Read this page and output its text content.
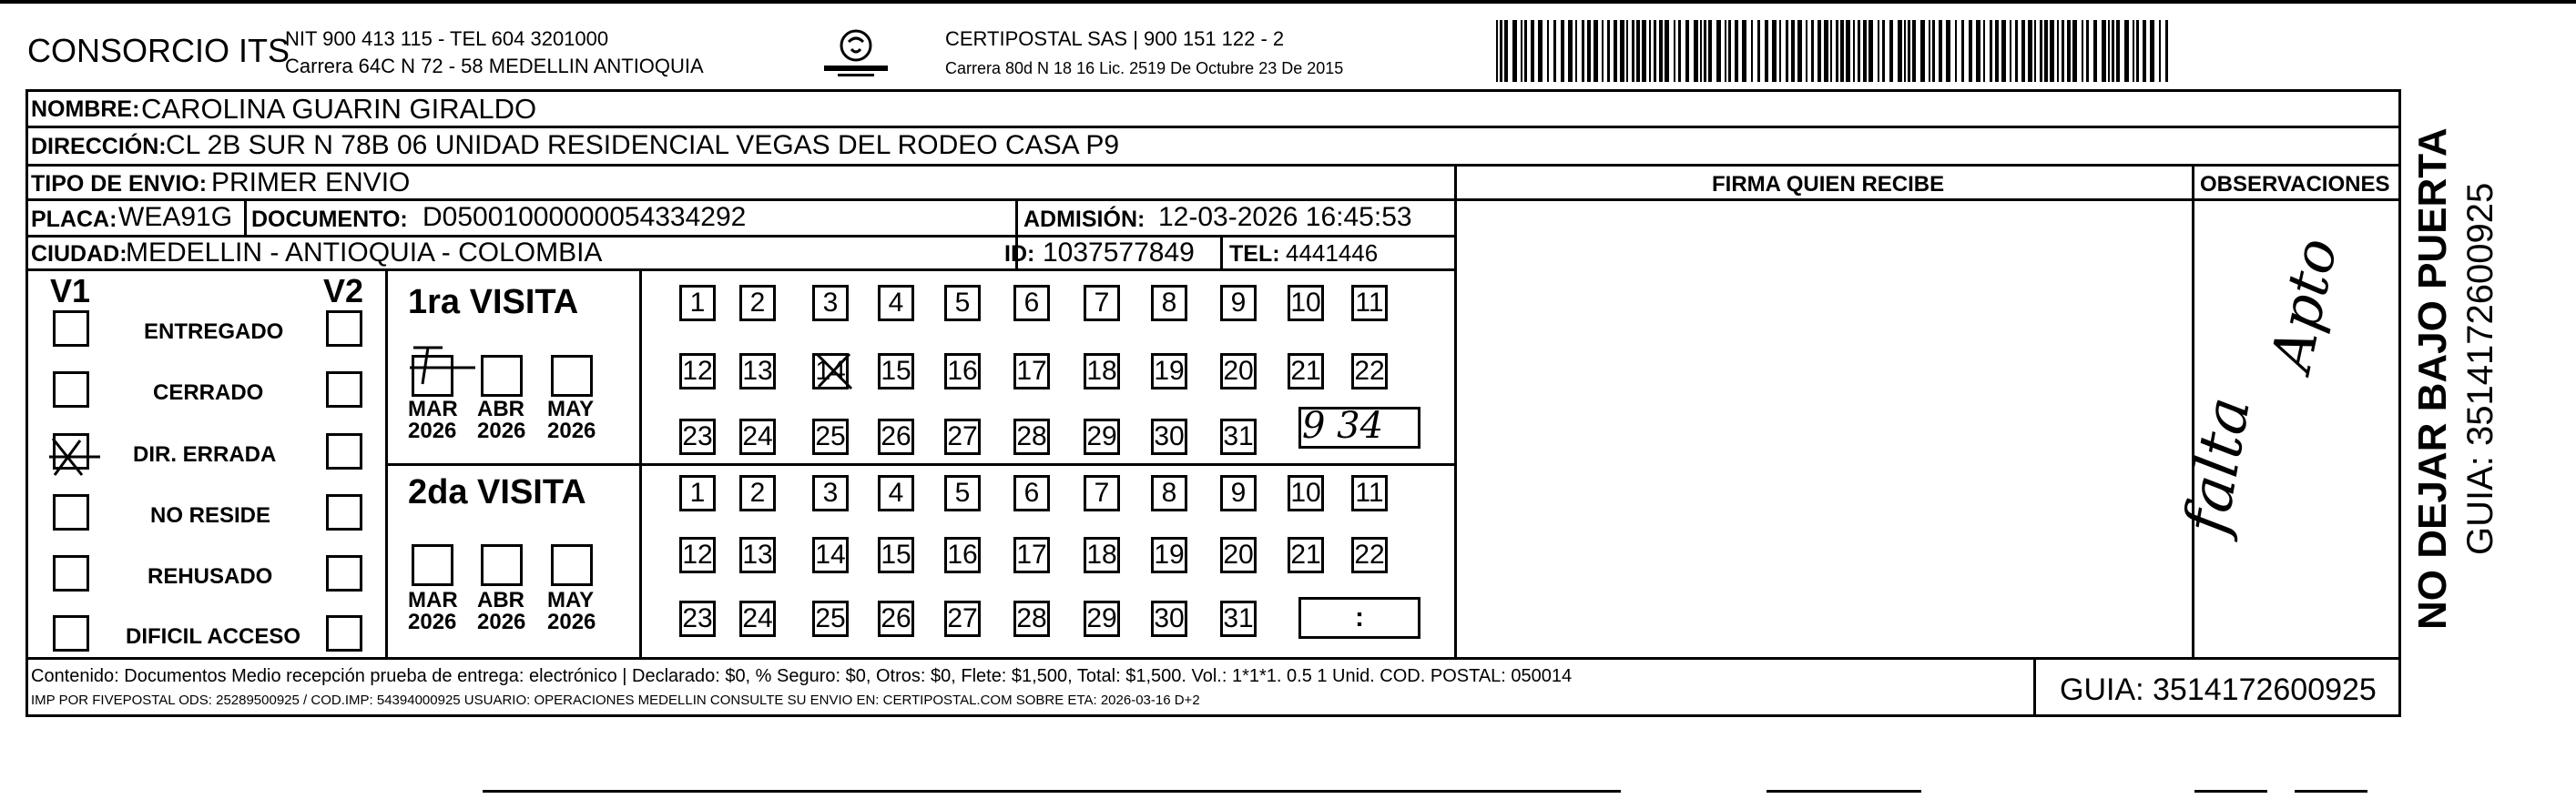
CONSORCIO ITS
NIT 900 413 115 - TEL 604 3201000
Carrera 64C N 72 - 58 MEDELLIN ANTIOQUIA
CERTIPOSTAL SAS | 900 151 122 - 2
Carrera 80d N 18 16 Lic. 2519 De Octubre 23 De 2015
NOMBRE: CAROLINA GUARIN GIRALDO
DIRECCIÓN: CL 2B SUR N 78B 06 UNIDAD RESIDENCIAL VEGAS DEL RODEO CASA P9
TIPO DE ENVIO: PRIMER ENVIO	FIRMA QUIEN RECIBE	OBSERVACIONES
PLACA: WEA91G DOCUMENTO: D05001000000054334292	ADMISIÓN: 12-03-2026 16:45:53
CIUDAD:
MEDELLIN - ANTIOQUIA - COLOMBIA	ID: 1037577849 TEL: 4441446
V1	V2
ENTREGADO
CERRADO
DIR. ERRADA
NO RESIDE
REHUSADO
DIFICIL ACCESO
1ra VISITA
2da VISITA
MAR
2026
ABR
2026
MAY
2026
MAR
2026
ABR
2026
MAY
2026
1	2	3	4	5	6	7	8	9	10 11
12 13 14 15 16 17 18 19 20 21 22
23 24 25 26 27 28 29 30 31
1	2	3	4	5	6	7	8	9	10 11
12 13 14 15 16 17 18 19 20 21 22
23 24 25 26 27 28 29 30 31
9 34
:
falta
Apto NO DEJAR BAJO PUERTA GUIA: 3514172600925
Contenido: Documentos Medio recepción prueba de entrega: electrónico | Declarado: $0, % Seguro: $0, Otros: $0, Flete: $1,500, Total: $1,500. Vol.: 1*1*1. 0.5 1 Unid. COD. POSTAL: 050014
IMP POR FIVEPOSTAL ODS: 25289500925 / COD.IMP: 54394000925 USUARIO: OPERACIONES MEDELLIN CONSULTE SU ENVIO EN: CERTIPOSTAL.COM SOBRE ETA: 2026-03-16 D+2	GUIA: 3514172600925
